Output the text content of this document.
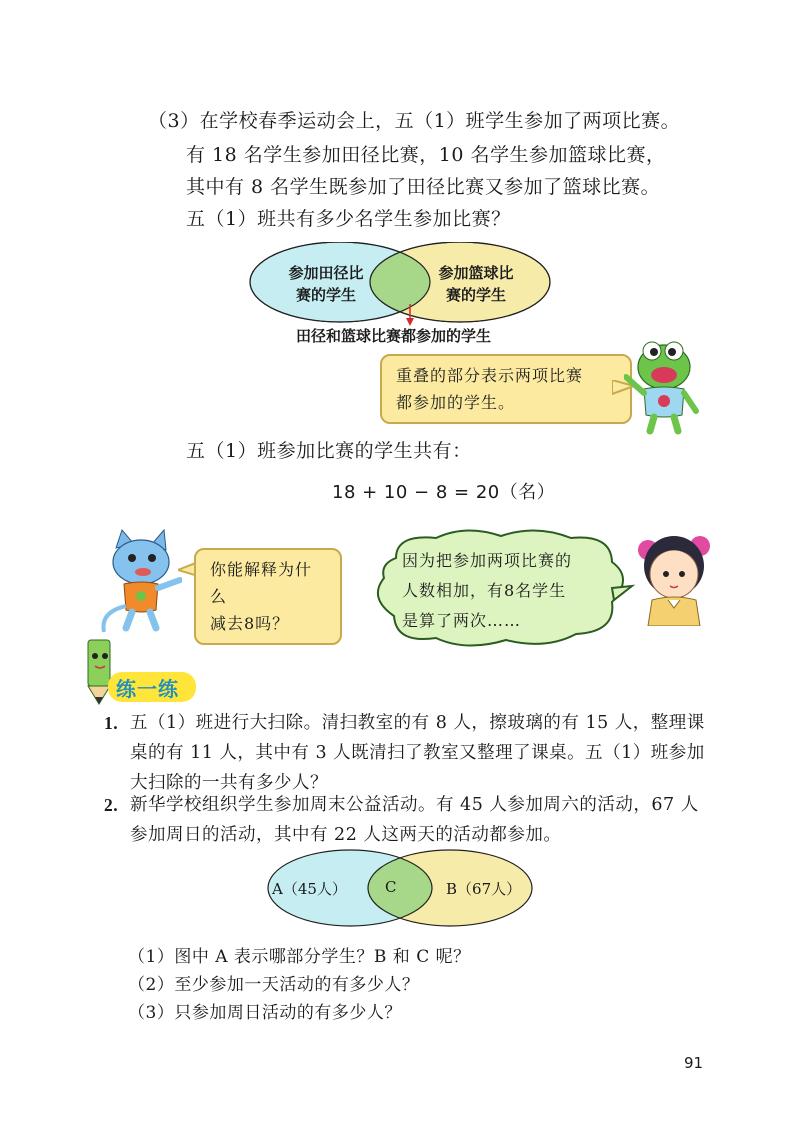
（3）在学校春季运动会上，五（1）班学生参加了两项比赛。
有 18 名学生参加田径比赛，10 名学生参加篮球比赛，
其中有 8 名学生既参加了田径比赛又参加了篮球比赛。
五（1）班共有多少名学生参加比赛？
参加田径比
赛的学生
参加篮球比
赛的学生
田径和篮球比赛都参加的学生
重叠的部分表示两项比赛
都参加的学生。
五（1）班参加比赛的学生共有：
18 + 10 − 8 = 20（名）
你能解释为什么
减去8吗？
因为把参加两项比赛的
人数相加，有8名学生
是算了两次……
练一练
1. 五（1）班进行大扫除。清扫教室的有 8 人，擦玻璃的有 15 人，整理课
桌的有 11 人，其中有 3 人既清扫了教室又整理了课桌。五（1）班参加
大扫除的一共有多少人？
2. 新华学校组织学生参加周末公益活动。有 45 人参加周六的活动，67 人
参加周日的活动，其中有 22 人这两天的活动都参加。
A（45人）	C	B（67人）
（1）图中 A 表示哪部分学生？B 和 C 呢？
（2）至少参加一天活动的有多少人？
（3）只参加周日活动的有多少人？
91
